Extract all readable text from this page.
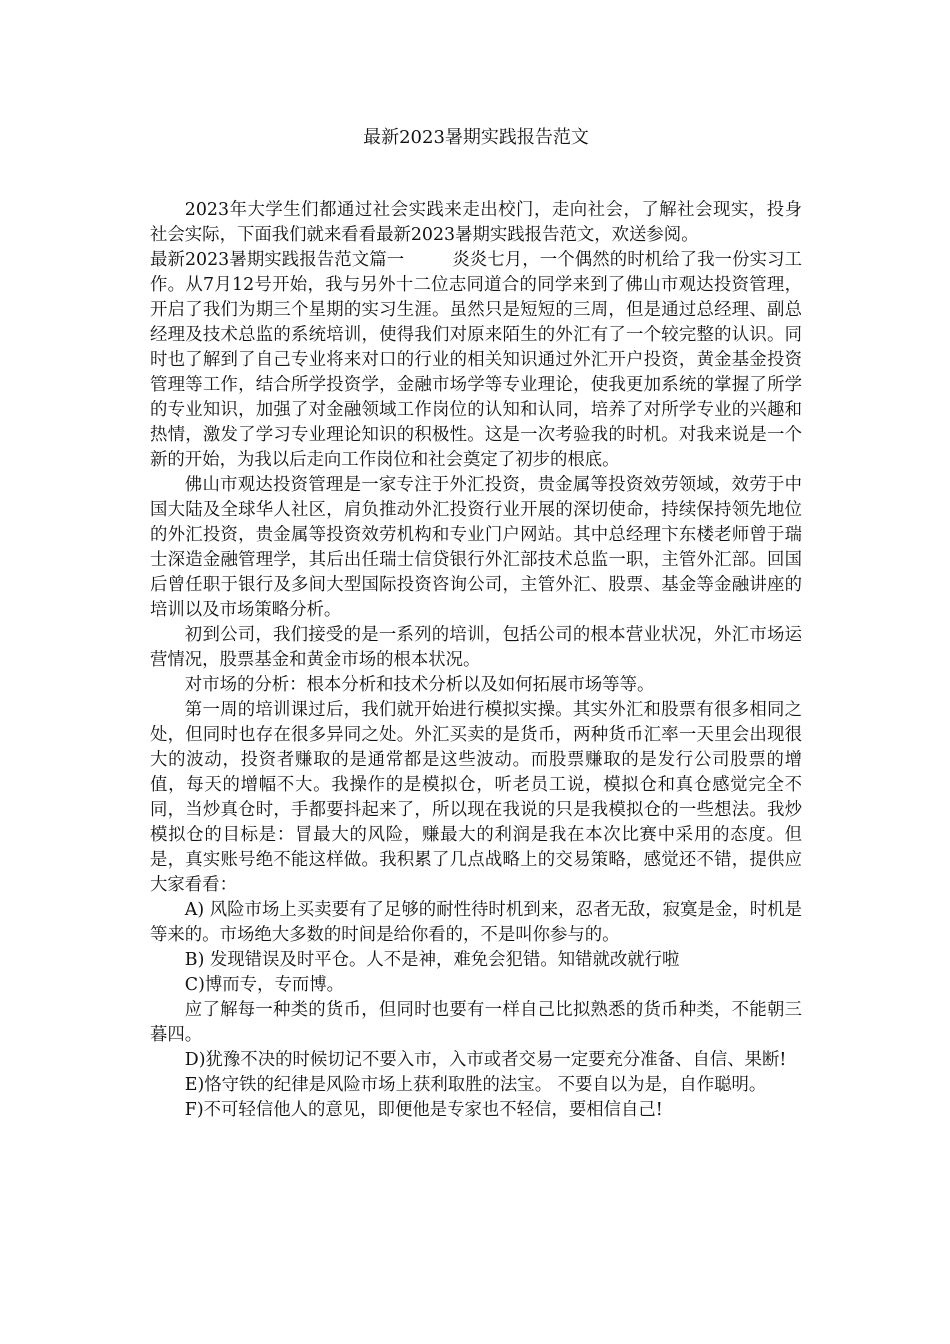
最新2023暑期实践报告范文

2023年大学生们都通过社会实践来走出校门，走向社会，了解社会现实，投身社会实际，下面我们就来看看最新2023暑期实践报告范文，欢送参阅。

最新2023暑期实践报告范文篇一	炎炎七月，一个偶然的时机给了我一份实习工作。从7月12号开始，我与另外十二位志同道合的同学来到了佛山市观达投资管理，开启了我们为期三个星期的实习生涯。虽然只是短短的三周，但是通过总经理、副总经理及技术总监的系统培训，使得我们对原来陌生的外汇有了一个较完整的认识。同时也了解到了自己专业将来对口的行业的相关知识通过外汇开户投资，黄金基金投资管理等工作，结合所学投资学，金融市场学等专业理论，使我更加系统的掌握了所学的专业知识，加强了对金融领域工作岗位的认知和认同，培养了对所学专业的兴趣和热情，激发了学习专业理论知识的积极性。这是一次考验我的时机。对我来说是一个新的开始，为我以后走向工作岗位和社会奠定了初步的根底。

佛山市观达投资管理是一家专注于外汇投资，贵金属等投资效劳领域，效劳于中国大陆及全球华人社区，肩负推动外汇投资行业开展的深切使命，持续保持领先地位的外汇投资，贵金属等投资效劳机构和专业门户网站。其中总经理卞东楼老师曾于瑞士深造金融管理学，其后出任瑞士信贷银行外汇部技术总监一职，主管外汇部。回国后曾任职于银行及多间大型国际投资咨询公司，主管外汇、股票、基金等金融讲座的培训以及市场策略分析。

初到公司，我们接受的是一系列的培训，包括公司的根本营业状况，外汇市场运营情况，股票基金和黄金市场的根本状况。

对市场的分析：根本分析和技术分析以及如何拓展市场等等。

第一周的培训课过后，我们就开始进行模拟实操。其实外汇和股票有很多相同之处，但同时也存在很多异同之处。外汇买卖的是货币，两种货币汇率一天里会出现很大的波动，投资者赚取的是通常都是这些波动。而股票赚取的是发行公司股票的增值，每天的增幅不大。我操作的是模拟仓，听老员工说，模拟仓和真仓感觉完全不同，当炒真仓时，手都要抖起来了，所以现在我说的只是我模拟仓的一些想法。我炒模拟仓的目标是：冒最大的风险，赚最大的利润是我在本次比赛中采用的态度。但是，真实账号绝不能这样做。我积累了几点战略上的交易策略，感觉还不错，提供应大家看看：

A) 风险市场上买卖要有了足够的耐性待时机到来，忍者无敌，寂寞是金，时机是等来的。市场绝大多数的时间是给你看的，不是叫你参与的。

B) 发现错误及时平仓。人不是神，难免会犯错。知错就改就行啦

C)博而专，专而博。

应了解每一种类的货币，但同时也要有一样自己比拟熟悉的货币种类，不能朝三暮四。

D)犹豫不决的时候切记不要入市，入市或者交易一定要充分准备、自信、果断!

E)恪守铁的纪律是风险市场上获利取胜的法宝。 不要自以为是，自作聪明。

F)不可轻信他人的意见，即便他是专家也不轻信，要相信自己!
